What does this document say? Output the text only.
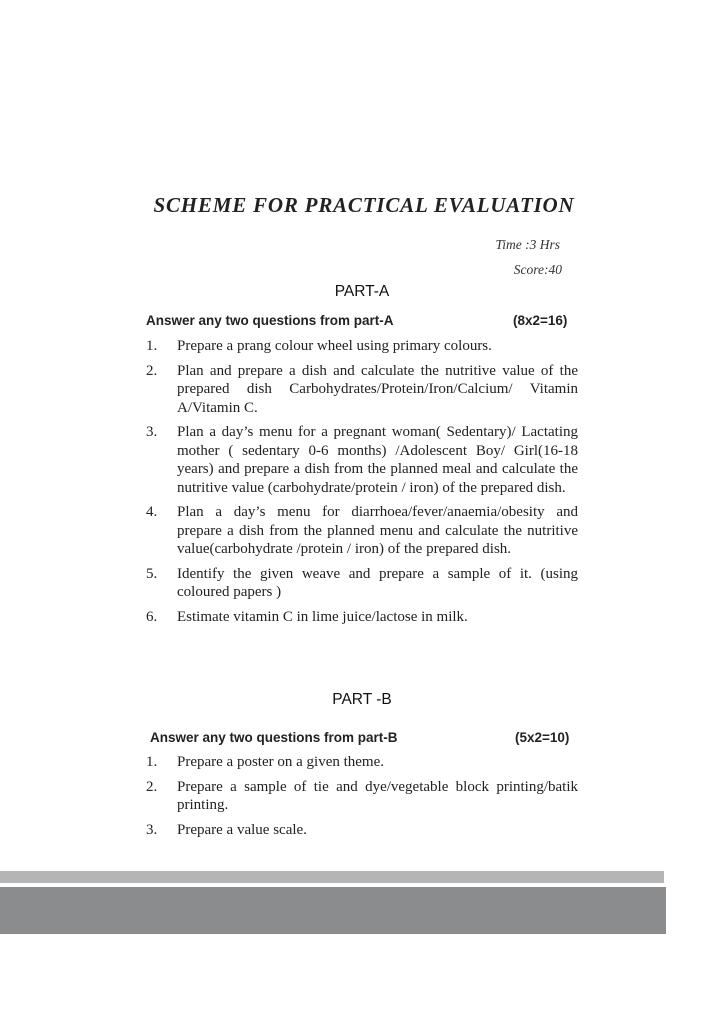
SCHEME FOR PRACTICAL EVALUATION
Time :3 Hrs
Score:40
PART-A
Answer any two questions from part-A	(8x2=16)
1. Prepare a prang colour wheel using primary colours.
2. Plan and prepare a dish and calculate the nutritive value of the prepared dish Carbohydrates/Protein/Iron/Calcium/ Vitamin A/Vitamin C.
3. Plan a day’s menu for a pregnant woman( Sedentary)/ Lactating mother ( sedentary 0-6 months) /Adolescent Boy/ Girl(16-18 years) and prepare a dish from the planned meal and calculate the nutritive value (carbohydrate/protein / iron) of the prepared dish.
4. Plan a day’s menu for diarrhoea/fever/anaemia/obesity and prepare a dish from the planned menu and calculate the nutritive value(carbohydrate /protein / iron) of the prepared dish.
5. Identify the given weave and prepare a sample of it. (using coloured papers )
6. Estimate vitamin C in lime juice/lactose in milk.
PART -B
Answer any two questions from part-B	(5x2=10)
1. Prepare a poster on a given theme.
2. Prepare a sample of tie and dye/vegetable block printing/batik printing.
3. Prepare a value scale.
